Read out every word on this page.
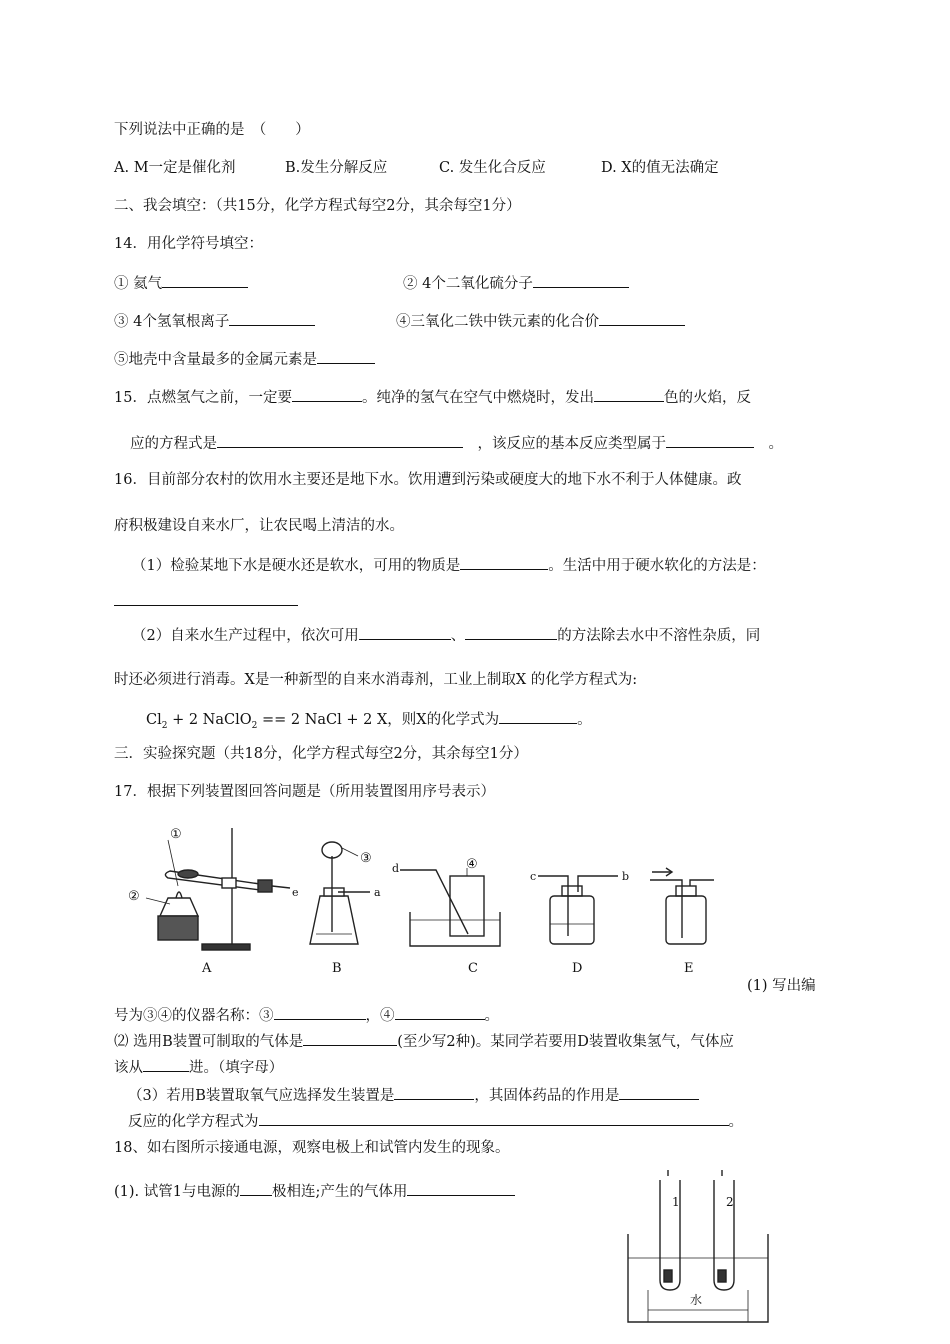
下列说法中正确的是　（　　）
A. M一定是催化剂	B.发生分解反应	C. 发生化合反应	D. X的值无法确定
二、我会填空：（共15分，化学方程式每空2分，其余每空1分）
14．用化学符号填空：
① 氦气	② 4个二氧化硫分子
③ 4个氢氧根离子	④三氧化二铁中铁元素的化合价
⑤地壳中含量最多的金属元素是
15．点燃氢气之前，一定要	。纯净的氢气在空气中燃烧时，发出	色的火焰，反
应的方程式是　	，该反应的基本反应类型属于　	。
16．目前部分农村的饮用水主要还是地下水。饮用遭到污染或硬度大的地下水不利于人体健康。政
府积极建设自来水厂，让农民喝上清洁的水。
（1）检验某地下水是硬水还是软水，可用的物质是	。生活中用于硬水软化的方法是：
（2）自来水生产过程中，依次可用	、	的方法除去水中不溶性杂质，同
时还必须进行消毒。X是一种新型的自来水消毒剂，工业上制取X 的化学方程式为:
$Cl_2 + 2$ NaClO$_2$ == 2 NaCl + 2 X，则X的化学式为	。
三．实验探究题（共18分，化学方程式每空2分，其余每空1分）
17．根据下列装置图回答问题是（所用装置图用序号表示）
①
②
③	④
e	a
d
c	b
A	B	C	D	E
(1) 写出编
号为③④的仪器名称：③	，④	。
⑵ 选用B装置可制取的气体是	(至少写2种)。某同学若要用D装置收集氢气，气体应
该从	进。（填字母）
（3）若用B装置取氧气应选择发生装置是	，其固体药品的作用是
反应的化学方程式为	。
18、如右图所示接通电源，观察电极上和试管内发生的现象。
(1). 试管1与电源的 极相连;产生的气体用
1	2
水
